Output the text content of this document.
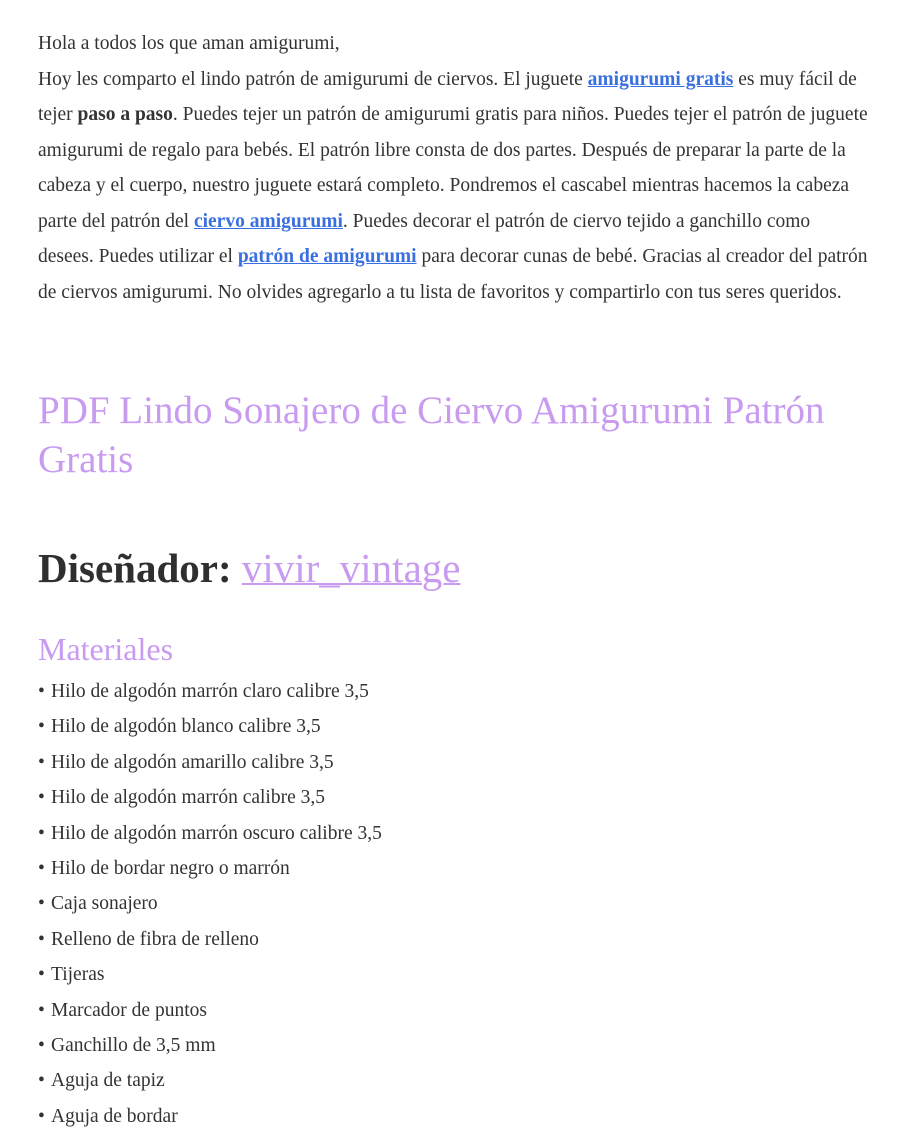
Hola a todos los que aman amigurumi,

Hoy les comparto el lindo patrón de amigurumi de ciervos. El juguete amigurumi gratis es muy fácil de tejer paso a paso. Puedes tejer un patrón de amigurumi gratis para niños. Puedes tejer el patrón de juguete amigurumi de regalo para bebés. El patrón libre consta de dos partes. Después de preparar la parte de la cabeza y el cuerpo, nuestro juguete estará completo. Pondremos el cascabel mientras hacemos la cabeza parte del patrón del ciervo amigurumi. Puedes decorar el patrón de ciervo tejido a ganchillo como desees. Puedes utilizar el patrón de amigurumi para decorar cunas de bebé. Gracias al creador del patrón de ciervos amigurumi. No olvides agregarlo a tu lista de favoritos y compartirlo con tus seres queridos.

PDF Lindo Sonajero de Ciervo Amigurumi Patrón Gratis
Diseñador: vivir_vintage
Materiales
• Hilo de algodón marrón claro calibre 3,5
• Hilo de algodón blanco calibre 3,5
• Hilo de algodón amarillo calibre 3,5
• Hilo de algodón marrón calibre 3,5
• Hilo de algodón marrón oscuro calibre 3,5
• Hilo de bordar negro o marrón
• Caja sonajero
• Relleno de fibra de relleno
• Tijeras
• Marcador de puntos
• Ganchillo de 3,5 mm
• Aguja de tapiz
• Aguja de bordar
